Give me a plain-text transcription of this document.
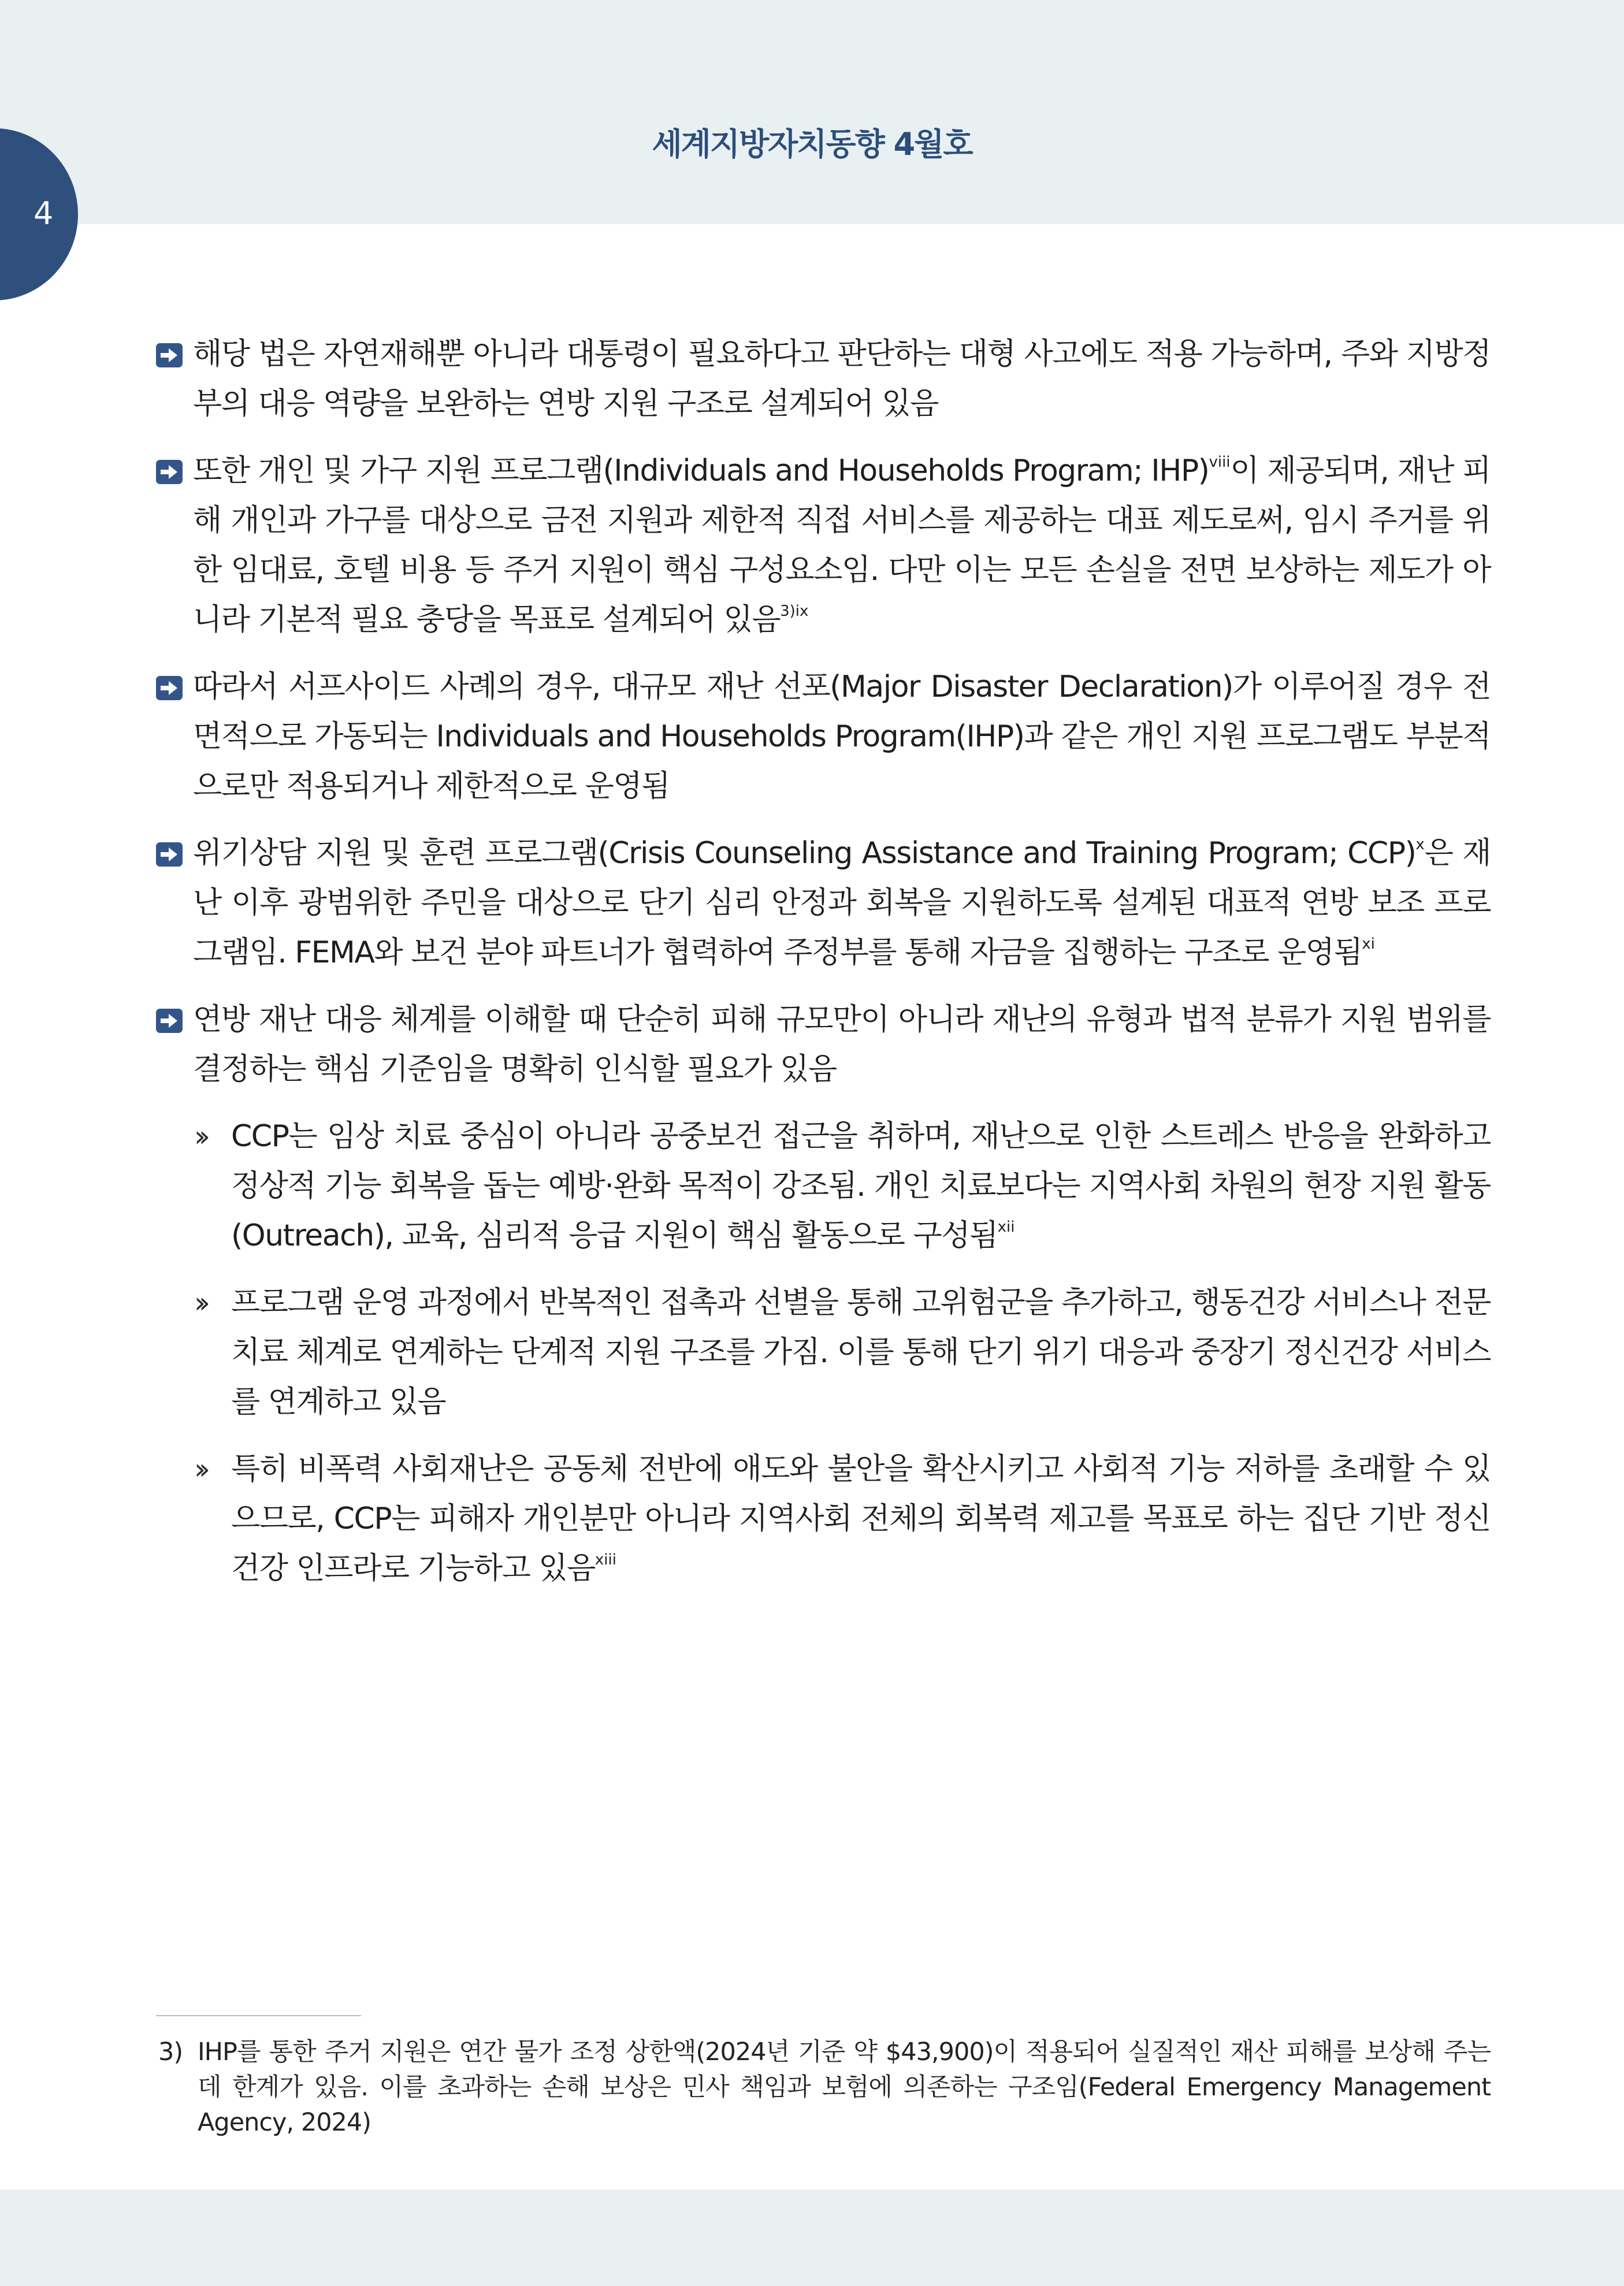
세계지방자치동향 4월호
4
해당 법은 자연재해뿐 아니라 대통령이 필요하다고 판단하는 대형 사고에도 적용 가능하며, 주와 지방정부의 대응 역량을 보완하는 연방 지원 구조로 설계되어 있음
또한 개인 및 가구 지원 프로그램(Individuals and Households Program; IHP)$^{viii}$이 제공되며, 재난 피해 개인과 가구를 대상으로 금전 지원과 제한적 직접 서비스를 제공하는 대표 제도로써, 임시 주거를 위한 임대료, 호텔 비용 등 주거 지원이 핵심 구성요소임. 다만 이는 모든 손실을 전면 보상하는 제도가 아니라 기본적 필요 충당을 목표로 설계되어 있음$^{3)ix}$
따라서 서프사이드 사례의 경우, 대규모 재난 선포(Major Disaster Declaration)가 이루어질 경우 전면적으로 가동되는 Individuals and Households Program(IHP)과 같은 개인 지원 프로그램도 부분적으로만 적용되거나 제한적으로 운영됨
위기상담 지원 및 훈련 프로그램(Crisis Counseling Assistance and Training Program; CCP)$^x$은 재난 이후 광범위한 주민을 대상으로 단기 심리 안정과 회복을 지원하도록 설계된 대표적 연방 보조 프로그램임. FEMA와 보건 분야 파트너가 협력하여 주정부를 통해 자금을 집행하는 구조로 운영됨$^{xi}$
연방 재난 대응 체계를 이해할 때 단순히 피해 규모만이 아니라 재난의 유형과 법적 분류가 지원 범위를 결정하는 핵심 기준임을 명확히 인식할 필요가 있음
›› CCP는 임상 치료 중심이 아니라 공중보건 접근을 취하며, 재난으로 인한 스트레스 반응을 완화하고 정상적 기능 회복을 돕는 예방·완화 목적이 강조됨. 개인 치료보다는 지역사회 차원의 현장 지원 활동(Outreach), 교육, 심리적 응급 지원이 핵심 활동으로 구성됨$^{xii}$
›› 프로그램 운영 과정에서 반복적인 접촉과 선별을 통해 고위험군을 추가하고, 행동건강 서비스나 전문 치료 체계로 연계하는 단계적 지원 구조를 가짐. 이를 통해 단기 위기 대응과 중장기 정신건강 서비스를 연계하고 있음
›› 특히 비폭력 사회재난은 공동체 전반에 애도와 불안을 확산시키고 사회적 기능 저하를 초래할 수 있으므로, CCP는 피해자 개인분만 아니라 지역사회 전체의 회복력 제고를 목표로 하는 집단 기반 정신건강 인프라로 기능하고 있음$^{xiii}$
3) IHP를 통한 주거 지원은 연간 물가 조정 상한액(2024년 기준 약 $43,900)이 적용되어 실질적인 재산 피해를 보상해 주는 데 한계가 있음. 이를 초과하는 손해 보상은 민사 책임과 보험에 의존하는 구조임(Federal Emergency Management Agency, 2024)
